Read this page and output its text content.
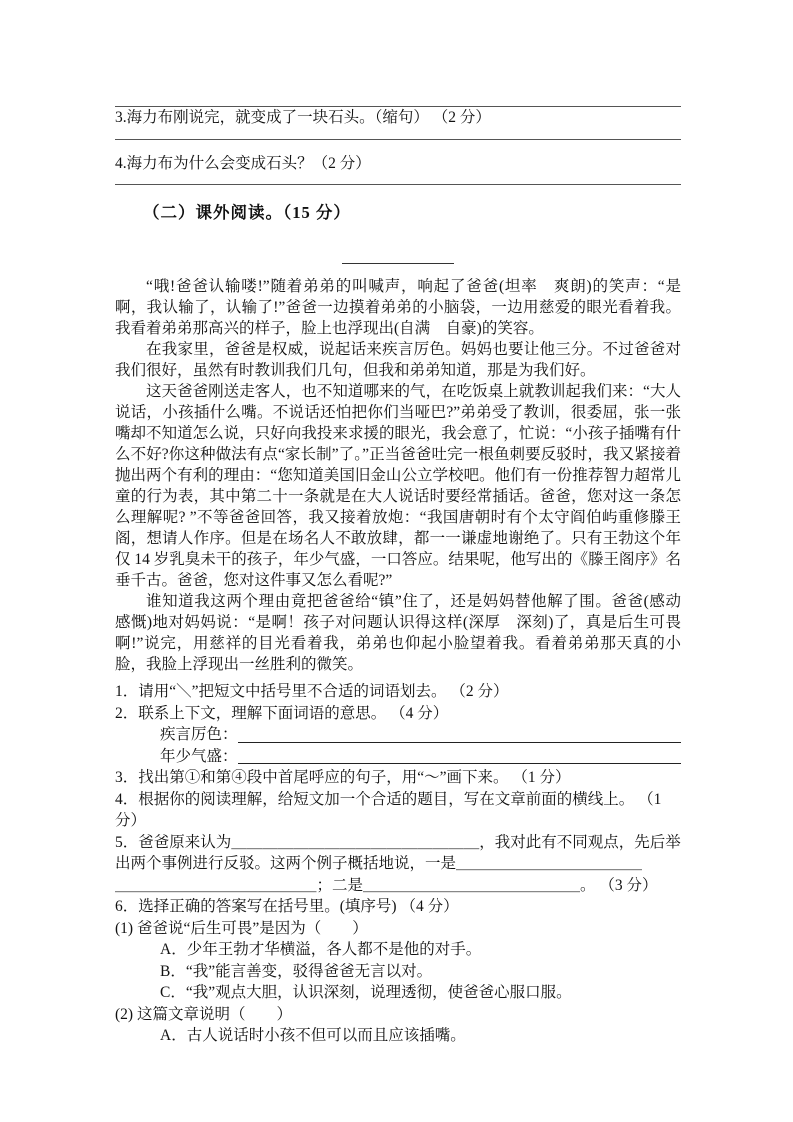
3.海力布刚说完，就变成了一块石头。（缩句） （2 分）
4.海力布为什么会变成石头？（2 分）
（二）课外阅读。（15 分）

“哦!爸爸认输喽!”随着弟弟的叫喊声，响起了爸爸(坦率　爽朗)的笑声：“是啊，我认输了，认输了!”爸爸一边摸着弟弟的小脑袋，一边用慈爱的眼光看着我。我看着弟弟那高兴的样子，脸上也浮现出(自满　自豪)的笑容。

在我家里，爸爸是权威，说起话来疾言厉色。妈妈也要让他三分。不过爸爸对我们很好，虽然有时教训我们几句，但我和弟弟知道，那是为我们好。

这天爸爸刚送走客人，也不知道哪来的气，在吃饭桌上就教训起我们来：“大人说话，小孩插什么嘴。不说话还怕把你们当哑巴?”弟弟受了教训，很委屈，张一张嘴却不知道怎么说，只好向我投来求援的眼光，我会意了，忙说：“小孩子插嘴有什么不好?你这种做法有点“家长制”了。”正当爸爸吐完一根鱼刺要反驳时，我又紧接着抛出两个有利的理由：“您知道美国旧金山公立学校吧。他们有一份推荐智力超常儿童的行为表，其中第二十一条就是在大人说话时要经常插话。爸爸，您对这一条怎么理解呢? ”不等爸爸回答，我又接着放炮：“我国唐朝时有个太守阎伯屿重修滕王阁，想请人作序。但是在场名人不敢放肆，都一一谦虚地谢绝了。只有王勃这个年仅 14 岁乳臭未干的孩子，年少气盛，一口答应。结果呢，他写出的《滕王阁序》名垂千古。爸爸，您对这件事又怎么看呢?”

谁知道我这两个理由竟把爸爸给“镇”住了，还是妈妈替他解了围。爸爸(感动　感慨)地对妈妈说：“是啊！孩子对问题认识得这样(深厚　深刻)了，真是后生可畏啊!”说完，用慈祥的目光看着我，弟弟也仰起小脸望着我。看着弟弟那天真的小脸，我脸上浮现出一丝胜利的微笑。

1．请用“＼”把短文中括号里不合适的词语划去。 （2 分）
2．联系上下文，理解下面词语的意思。 （4 分）
疾言厉色：
年少气盛：
3．找出第①和第④段中首尾呼应的句子，用“～”画下来。 （1 分）
4．根据你的阅读理解，给短文加一个合适的题目，写在文章前面的横线上。 （1 分）
5．爸爸原来认为＿＿＿＿＿＿＿＿＿＿＿＿＿＿＿＿，我对此有不同观点，先后举
出两个事例进行反驳。这两个例子概括地说，一是＿＿＿＿＿＿＿＿＿＿＿＿
＿＿＿＿＿＿＿＿＿＿＿＿＿；二是＿＿＿＿＿＿＿＿＿＿＿＿＿＿。 （3 分）
6．选择正确的答案写在括号里。(填序号) （4 分）
(1) 爸爸说“后生可畏”是因为（　　）
A．少年王勃才华横溢，各人都不是他的对手。
B．“我”能言善变，驳得爸爸无言以对。
C．“我”观点大胆，认识深刻，说理透彻，使爸爸心服口服。
(2) 这篇文章说明（　　）
A．古人说话时小孩不但可以而且应该插嘴。
